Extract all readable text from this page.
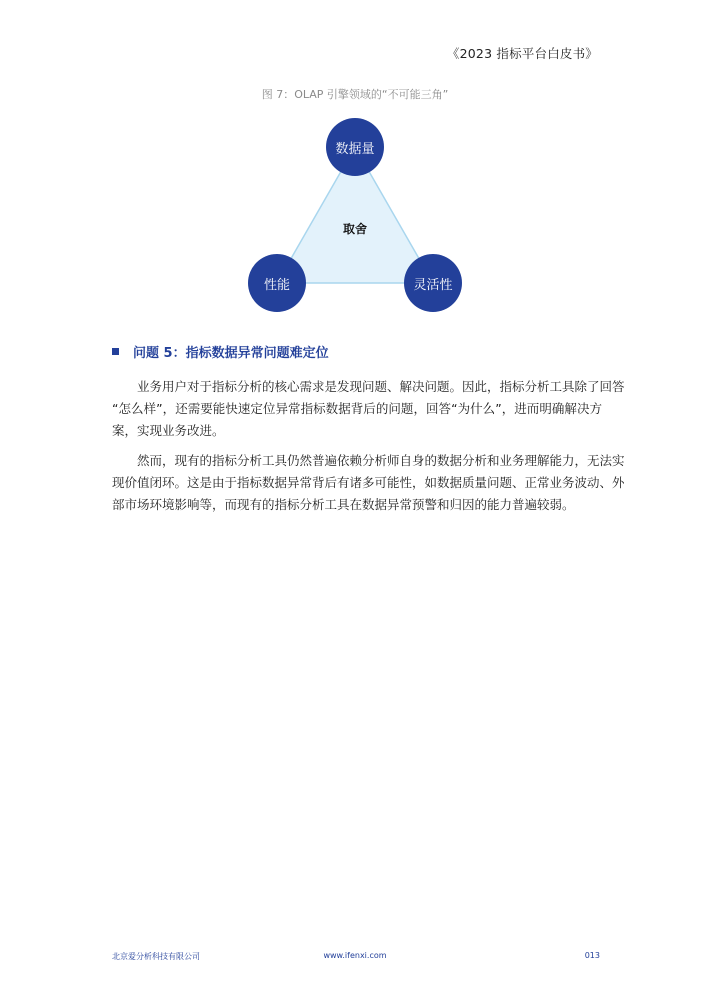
《2023 指标平台白皮书》
图 7：OLAP 引擎领域的“不可能三角”
数据量
性能	灵活性
取舍
问题 5：指标数据异常问题难定位
　　业务用户对于指标分析的核心需求是发现问题、解决问题。因此，指标分析工具除了回答
“怎么样”，还需要能快速定位异常指标数据背后的问题，回答“为什么”，进而明确解决方
案，实现业务改进。
　　然而，现有的指标分析工具仍然普遍依赖分析师自身的数据分析和业务理解能力，无法实
现价值闭环。这是由于指标数据异常背后有诸多可能性，如数据质量问题、正常业务波动、外
部市场环境影响等，而现有的指标分析工具在数据异常预警和归因的能力普遍较弱。
北京爱分析科技有限公司	www.ifenxi.com	013
